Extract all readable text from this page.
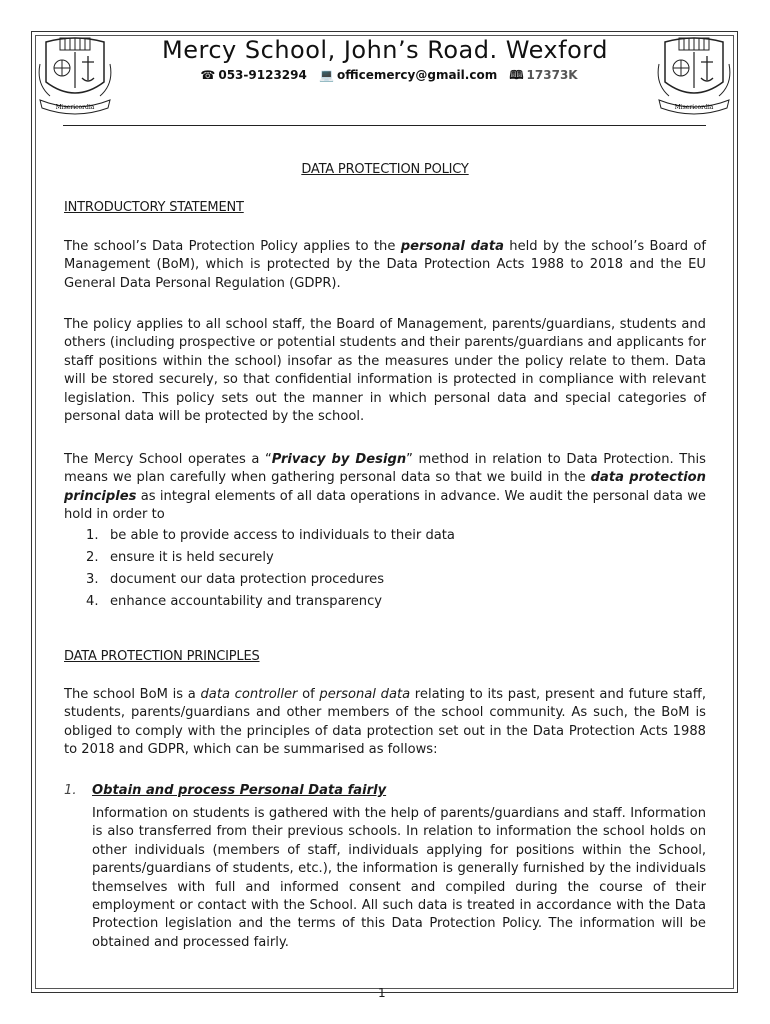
Misericordia	Misericordia
Mercy School, John’s Road. Wexford
☎ 053-9123294 💻 officemercy@gmail.com 🕮 17373K
DATA PROTECTION POLICY
INTRODUCTORY STATEMENT

The school’s Data Protection Policy applies to the personal data held by the school’s Board of Management (BoM), which is protected by the Data Protection Acts 1988 to 2018 and the EU General Data Personal Regulation (GDPR).

The policy applies to all school staff, the Board of Management, parents/guardians, students and others (including prospective or potential students and their parents/guardians and applicants for staff positions within the school) insofar as the measures under the policy relate to them. Data will be stored securely, so that confidential information is protected in compliance with relevant legislation. This policy sets out the manner in which personal data and special categories of personal data will be protected by the school.

The Mercy School operates a “Privacy by Design” method in relation to Data Protection. This means we plan carefully when gathering personal data so that we build in the data protection principles as integral elements of all data operations in advance. We audit the personal data we hold in order to

1. be able to provide access to individuals to their data
2. ensure it is held securely
3. document our data protection procedures
4. enhance accountability and transparency
DATA PROTECTION PRINCIPLES

The school BoM is a data controller of personal data relating to its past, present and future staff, students, parents/guardians and other members of the school community. As such, the BoM is obliged to comply with the principles of data protection set out in the Data Protection Acts 1988 to 2018 and GDPR, which can be summarised as follows:

1. Obtain and process Personal Data fairly

Information on students is gathered with the help of parents/guardians and staff. Information is also transferred from their previous schools. In relation to information the school holds on other individuals (members of staff, individuals applying for positions within the School, parents/guardians of students, etc.), the information is generally furnished by the individuals themselves with full and informed consent and compiled during the course of their employment or contact with the School. All such data is treated in accordance with the Data Protection legislation and the terms of this Data Protection Policy. The information will be obtained and processed fairly.

1
